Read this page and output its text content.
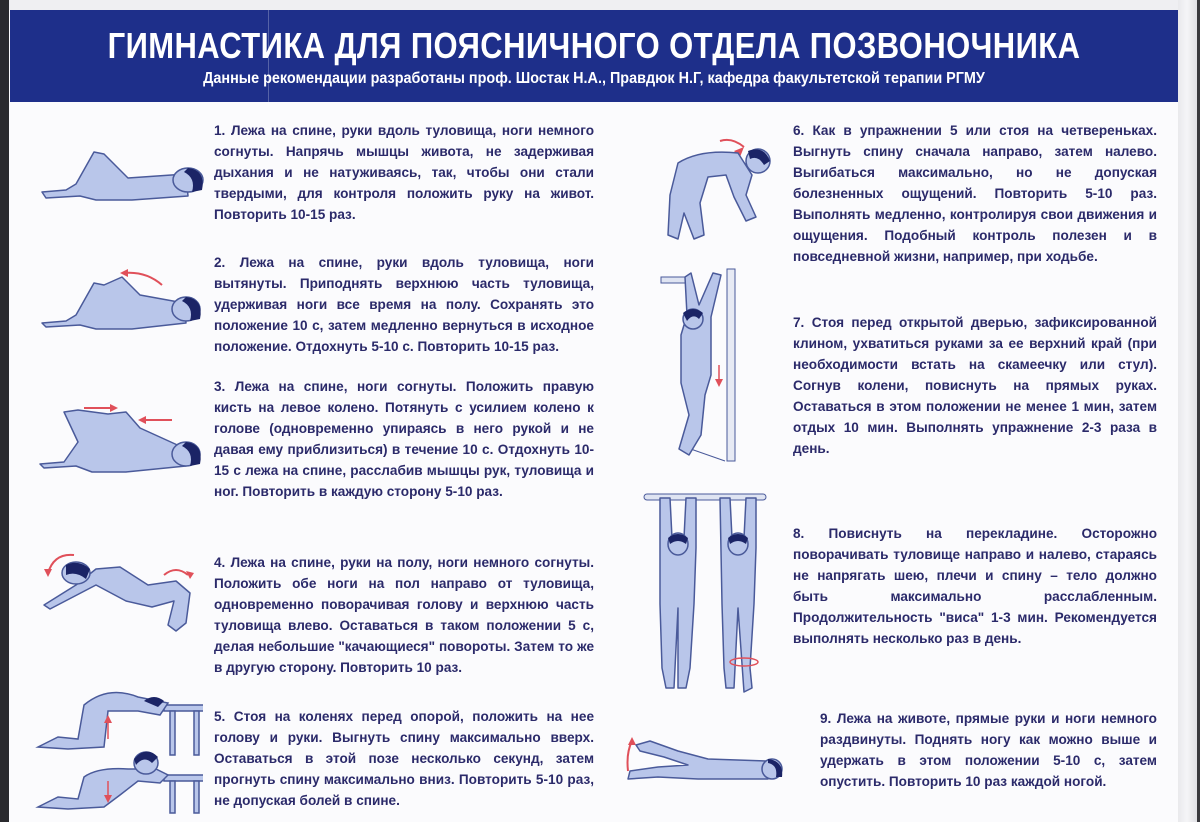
ГИМНАСТИКА ДЛЯ ПОЯСНИЧНОГО ОТДЕЛА ПОЗВОНОЧНИКА
Данные рекомендации разработаны проф. Шостак Н.А., Правдюк Н.Г, кафедра факультетской терапии РГМУ
1. Лежа на спине, руки вдоль туловища, ноги немного согнуты. Напрячь мышцы живота, не задерживая дыхания и не натуживаясь, так, чтобы они стали твердыми, для контроля положить руку на живот. Повторить 10-15 раз.
2. Лежа на спине, руки вдоль туловища, ноги вытянуты. Приподнять верхнюю часть туловища, удерживая ноги все время на полу. Сохранять это положение 10 с, затем медленно вернуться в исходное положение. Отдохнуть 5-10 с. Повторить 10-15 раз.
3. Лежа на спине, ноги согнуты. Положить правую кисть на левое колено. Потянуть с усилием колено к голове (одновременно упираясь в него рукой и не давая ему приблизиться) в течение 10 с. Отдохнуть 10-15 с лежа на спине, расслабив мышцы рук, туловища и ног. Повторить в каждую сторону 5-10 раз.
4. Лежа на спине, руки на полу, ноги немного согнуты. Положить обе ноги на пол направо от туловища, одновременно поворачивая голову и верхнюю часть туловища влево. Оставаться в таком положении 5 с, делая небольшие "качающиеся" повороты. Затем то же в другую сторону. Повторить 10 раз.
5. Стоя на коленях перед опорой, положить на нее голову и руки. Выгнуть спину максимально вверх. Оставаться в этой позе несколько секунд, затем прогнуть спину максимально вниз. Повторить 5-10 раз, не допуская болей в спине.
6. Как в упражнении 5 или стоя на четвереньках. Выгнуть спину сначала направо, затем налево. Выгибаться максимально, но не допуская болезненных ощущений. Повторить 5-10 раз. Выполнять медленно, контролируя свои движения и ощущения. Подобный контроль полезен и в повседневной жизни, например, при ходьбе.
7. Стоя перед открытой дверью, зафиксированной клином, ухватиться руками за ее верхний край (при необходимости встать на скамеечку или стул). Согнув колени, повиснуть на прямых руках. Оставаться в этом положении не менее 1 мин, затем отдых 10 мин. Выполнять упражнение 2-3 раза в день.
8. Повиснуть на перекладине. Осторожно поворачивать туловище направо и налево, стараясь не напрягать шею, плечи и спину – тело должно быть максимально расслабленным. Продолжительность "виса" 1-3 мин. Рекомендуется выполнять несколько раз в день.
9. Лежа на животе, прямые руки и ноги немного раздвинуты. Поднять ногу как можно выше и удержать в этом положении 5-10 с, затем опустить. Повторить 10 раз каждой ногой.
